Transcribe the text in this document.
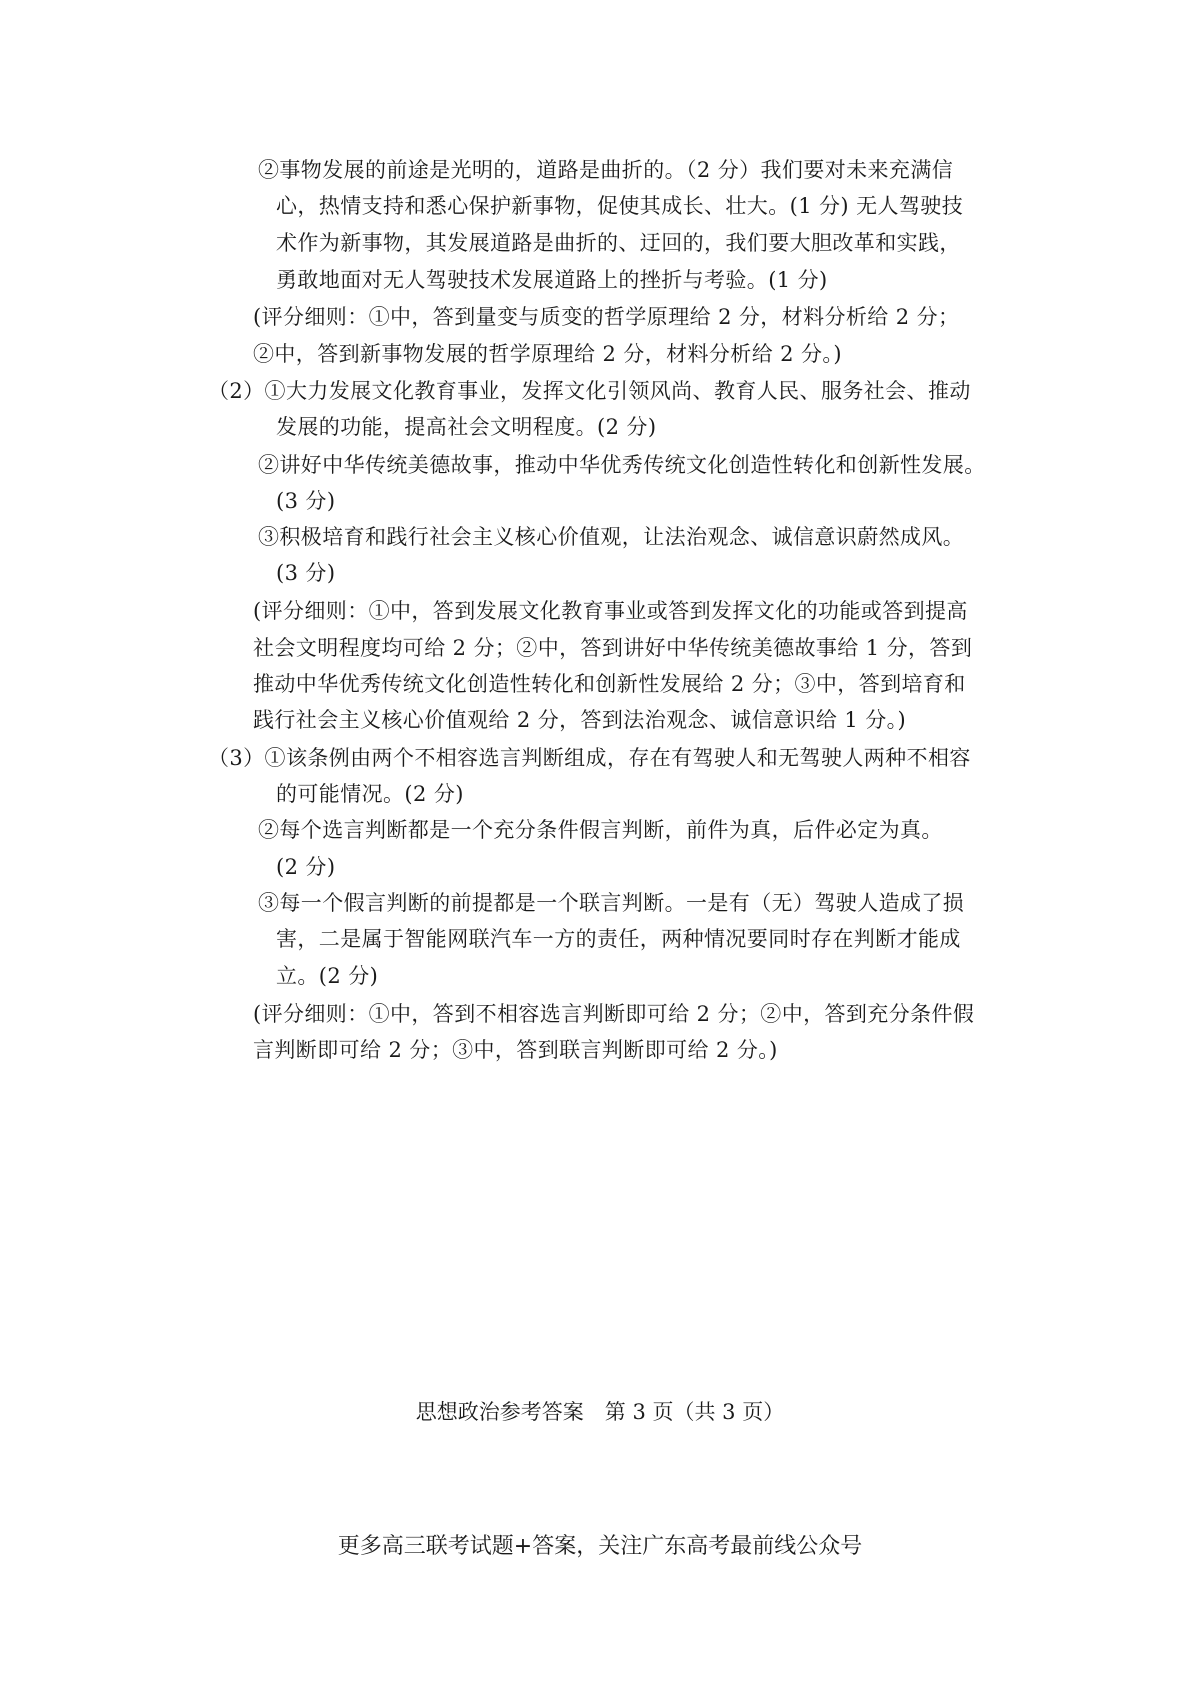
②事物发展的前途是光明的，道路是曲折的。（2 分）我们要对未来充满信
心，热情支持和悉心保护新事物，促使其成长、壮大。(1 分) 无人驾驶技
术作为新事物，其发展道路是曲折的、迂回的，我们要大胆改革和实践，
勇敢地面对无人驾驶技术发展道路上的挫折与考验。(1 分)
(评分细则：①中，答到量变与质变的哲学原理给 2 分，材料分析给 2 分；
②中，答到新事物发展的哲学原理给 2 分，材料分析给 2 分。)
（2）①大力发展文化教育事业，发挥文化引领风尚、教育人民、服务社会、推动
发展的功能，提高社会文明程度。(2 分)
②讲好中华传统美德故事，推动中华优秀传统文化创造性转化和创新性发展。
(3 分)
③积极培育和践行社会主义核心价值观，让法治观念、诚信意识蔚然成风。
(3 分)
(评分细则：①中，答到发展文化教育事业或答到发挥文化的功能或答到提高
社会文明程度均可给 2 分；②中，答到讲好中华传统美德故事给 1 分，答到
推动中华优秀传统文化创造性转化和创新性发展给 2 分；③中，答到培育和
践行社会主义核心价值观给 2 分，答到法治观念、诚信意识给 1 分。)
（3）①该条例由两个不相容选言判断组成，存在有驾驶人和无驾驶人两种不相容
的可能情况。(2 分)
②每个选言判断都是一个充分条件假言判断，前件为真，后件必定为真。
(2 分)
③每一个假言判断的前提都是一个联言判断。一是有（无）驾驶人造成了损
害，二是属于智能网联汽车一方的责任，两种情况要同时存在判断才能成
立。(2 分)
(评分细则：①中，答到不相容选言判断即可给 2 分；②中，答到充分条件假
言判断即可给 2 分；③中，答到联言判断即可给 2 分。)
思想政治参考答案　第 3 页（共 3 页）
更多高三联考试题+答案，关注广东高考最前线公众号
